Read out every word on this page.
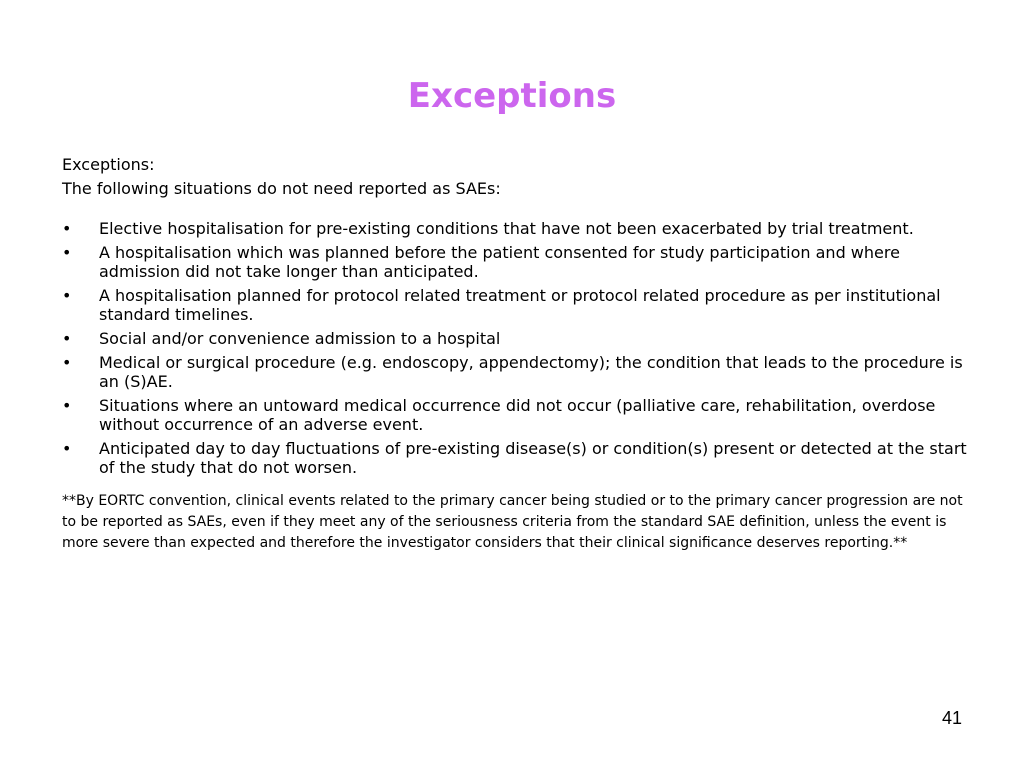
Exceptions

Exceptions:

The following situations do not need reported as SAEs:

• Elective hospitalisation for pre-existing conditions that have not been exacerbated by trial treatment.
• A hospitalisation which was planned before the patient consented for study participation and where admission did not take longer than anticipated.
• A hospitalisation planned for protocol related treatment or protocol related procedure as per institutional standard timelines.
• Social and/or convenience admission to a hospital
• Medical or surgical procedure (e.g. endoscopy, appendectomy); the condition that leads to the procedure is an (S)AE.
• Situations where an untoward medical occurrence did not occur (palliative care, rehabilitation, overdose without occurrence of an adverse event.
• Anticipated day to day fluctuations of pre-existing disease(s) or condition(s) present or detected at the start of the study that do not worsen.

**By EORTC convention, clinical events related to the primary cancer being studied or to the primary cancer progression are not to be reported as SAEs, even if they meet any of the seriousness criteria from the standard SAE definition, unless the event is more severe than expected and therefore the investigator considers that their clinical significance deserves reporting.**

41
